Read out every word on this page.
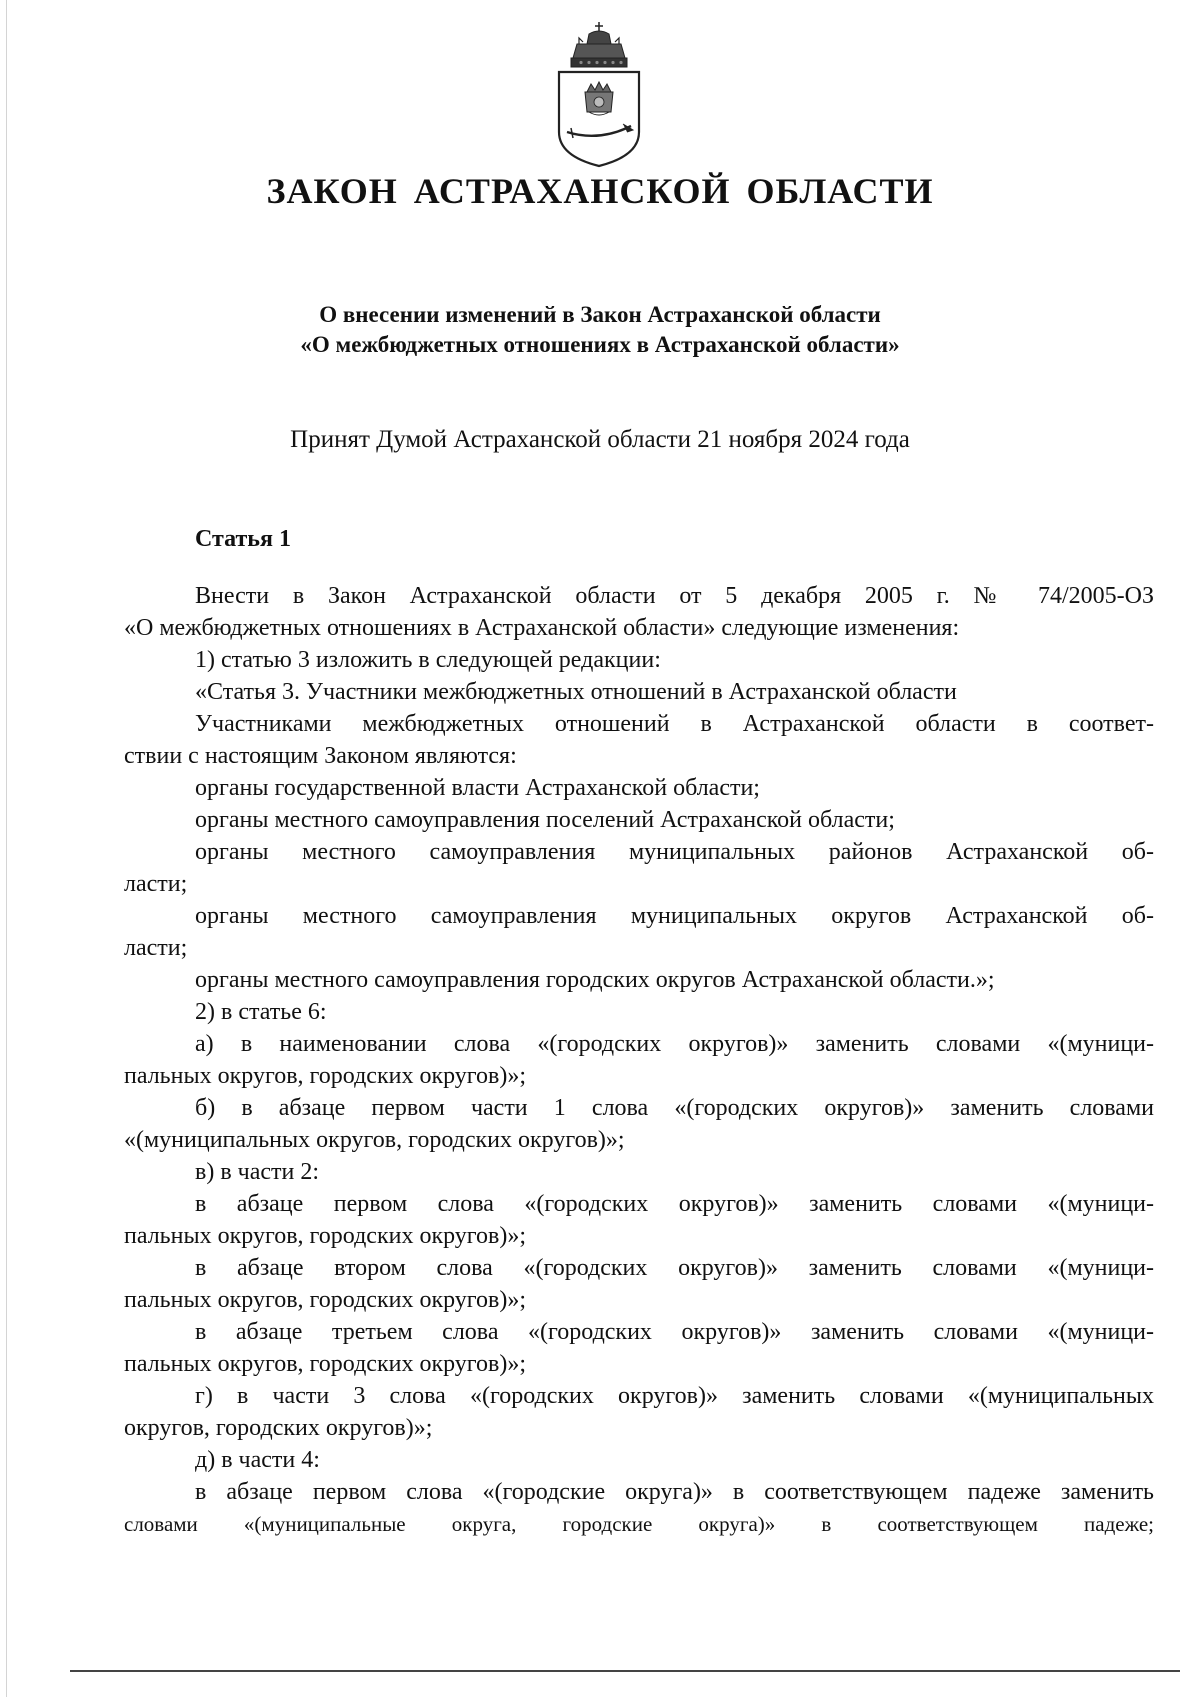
ЗАКОН АСТРАХАНСКОЙ ОБЛАСТИ
О внесении изменений в Закон Астраханской области
«О межбюджетных отношениях в Астраханской области»
Принят Думой Астраханской области 21 ноября 2024 года
Статья 1
Внести в Закон Астраханской области от 5 декабря 2005 г. № 74/2005-ОЗ
«О межбюджетных отношениях в Астраханской области» следующие изменения:
1) статью 3 изложить в следующей редакции:
«Статья 3. Участники межбюджетных отношений в Астраханской области
Участниками межбюджетных отношений в Астраханской области в соответ-
ствии с настоящим Законом являются:
органы государственной власти Астраханской области;
органы местного самоуправления поселений Астраханской области;
органы местного самоуправления муниципальных районов Астраханской об-
ласти;
органы местного самоуправления муниципальных округов Астраханской об-
ласти;
органы местного самоуправления городских округов Астраханской области.»;
2) в статье 6:
а) в наименовании слова «(городских округов)» заменить словами «(муници-
пальных округов, городских округов)»;
б) в абзаце первом части 1 слова «(городских округов)» заменить словами
«(муниципальных округов, городских округов)»;
в) в части 2:
в абзаце первом слова «(городских округов)» заменить словами «(муници-
пальных округов, городских округов)»;
в абзаце втором слова «(городских округов)» заменить словами «(муници-
пальных округов, городских округов)»;
в абзаце третьем слова «(городских округов)» заменить словами «(муници-
пальных округов, городских округов)»;
г) в части 3 слова «(городских округов)» заменить словами «(муниципальных
округов, городских округов)»;
д) в части 4:
в абзаце первом слова «(городские округа)» в соответствующем падеже заменить
словами «(муниципальные округа, городские округа)» в соответствующем падеже;
